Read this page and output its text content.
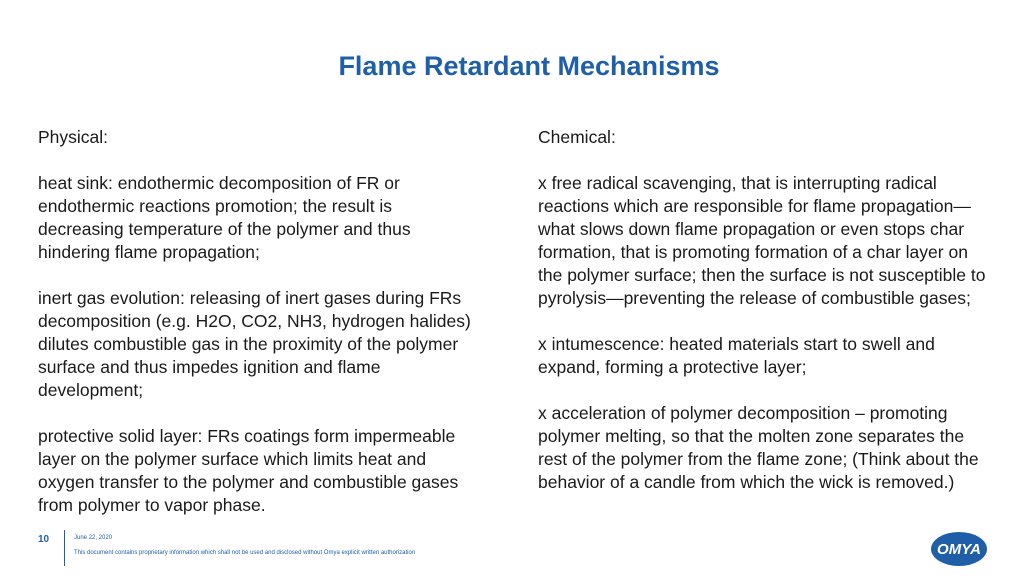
Flame Retardant Mechanisms
Physical:
heat sink: endothermic decomposition of FR or
endothermic reactions promotion; the result is
decreasing temperature of the polymer and thus
hindering flame propagation;
inert gas evolution: releasing of inert gases during FRs
decomposition (e.g. H2O, CO2, NH3, hydrogen halides)
dilutes combustible gas in the proximity of the polymer
surface and thus impedes ignition and flame
development;
protective solid layer: FRs coatings form impermeable
layer on the polymer surface which limits heat and
oxygen transfer to the polymer and combustible gases
from polymer to vapor phase.
Chemical:
x free radical scavenging, that is interrupting radical
reactions which are responsible for flame propagation—
what slows down flame propagation or even stops char
formation, that is promoting formation of a char layer on
the polymer surface; then the surface is not susceptible to
pyrolysis—preventing the release of combustible gases;
x intumescence: heated materials start to swell and
expand, forming a protective layer;
x acceleration of polymer decomposition – promoting
polymer melting, so that the molten zone separates the
rest of the polymer from the flame zone; (Think about the
behavior of a candle from which the wick is removed.)
10	June 22, 2020
This document contains proprietary information which shall not be used and disclosed without Omya explicit written authorization	OMYA
